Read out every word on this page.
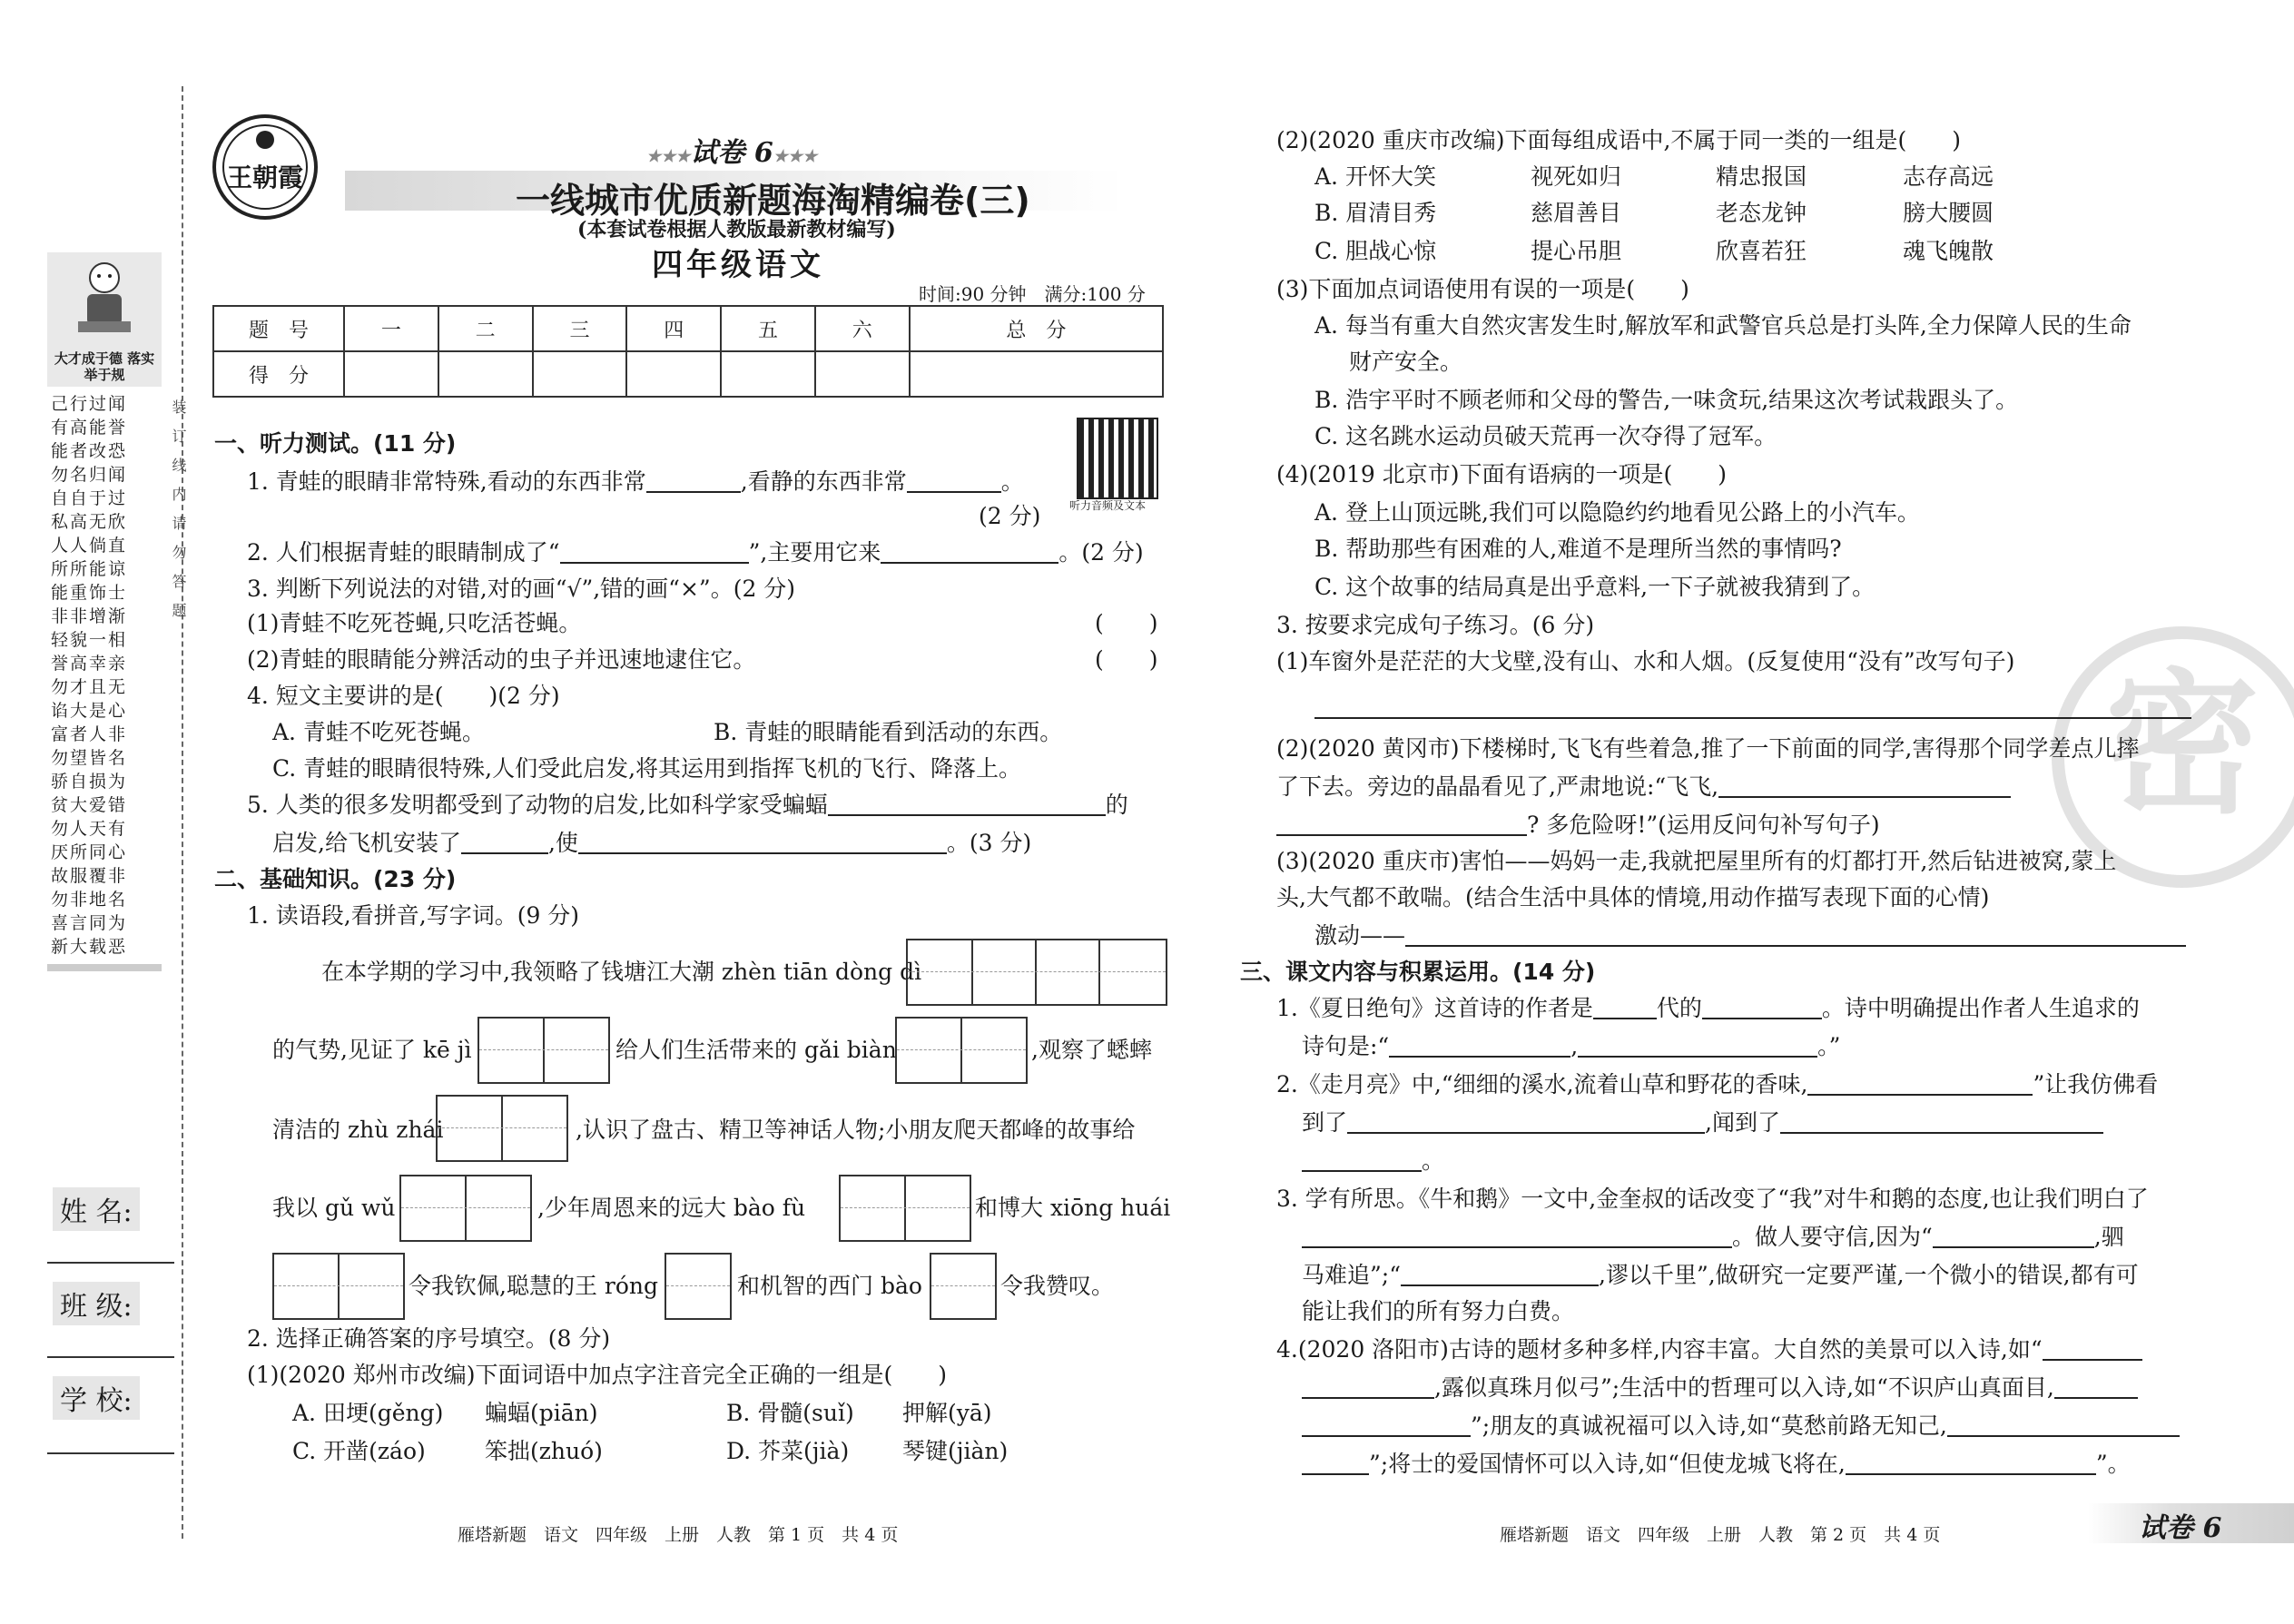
装　订　线　内　请　勿　答　题
大才成于德 落实举于规
己行过闻
有高能誉
能者改恐
勿名归闻
自自于过
私高无欣
人人倘直
所所能谅
能重饰士
非非增渐
轻貌一相
誉高幸亲
勿才且无
谄大是心
富者人非
勿望皆名
骄自损为
贫大爱错
勿人天有
厌所同心
故服覆非
勿非地名
喜言同为
新大载恶
姓 名:
班 级:
学 校:
王朝霞
★★★试卷 6★★★
一线城市优质新题海淘精编卷(三)
(本套试卷根据人教版最新教材编写)
四年级语文
时间:90 分钟　满分:100 分
题　号	一	二	三	四	五	六	总　分
得　分							
一、听力测试。(11 分)
听力音频及文本
1. 青蛙的眼睛非常特殊,看动的东西非常	,看静的东西非常	。
(2 分)
2. 人们根据青蛙的眼睛制成了“	”,主要用它来	。(2 分)
3. 判断下列说法的对错,对的画“√”,错的画“×”。(2 分)
(1)青蛙不吃死苍蝇,只吃活苍蝇。	(　　)
(2)青蛙的眼睛能分辨活动的虫子并迅速地逮住它。	(　　)
4. 短文主要讲的是(　　)(2 分)
A. 青蛙不吃死苍蝇。	B. 青蛙的眼睛能看到活动的东西。
C. 青蛙的眼睛很特殊,人们受此启发,将其运用到指挥飞机的飞行、降落上。
5. 人类的很多发明都受到了动物的启发,比如科学家受蝙蝠	的
启发,给飞机安装了	,使	。(3 分)
二、基础知识。(23 分)
1. 读语段,看拼音,写字词。(9 分)
在本学期的学习中,我领略了钱塘江大潮 zhèn tiān dòng dì
的气势,见证了 kē jì	给人们生活带来的 gǎi biàn	,观察了蟋蟀
清洁的 zhù zhái	,认识了盘古、精卫等神话人物;小朋友爬天都峰的故事给
我以 gǔ wǔ	,少年周恩来的远大 bào fù	和博大 xiōng huái
令我钦佩,聪慧的王 róng	和机智的西门 bào	令我赞叹。
2. 选择正确答案的序号填空。(8 分)
(1)(2020 郑州市改编)下面词语中加点字注音完全正确的一组是(　　)
A. 田埂(gěng) 蝙蝠(piān)	B. 骨髓(suǐ) 押解(yā)
C. 开凿(záo)	笨拙(zhuó)	D. 芥菜(jià) 琴键(jiàn)
雁塔新题　语文　四年级　上册　人教　第 1 页　共 4 页
密
(2)(2020 重庆市改编)下面每组成语中,不属于同一类的一组是(　　)
A. 开怀大笑	视死如归	精忠报国	志存高远
B. 眉清目秀	慈眉善目	老态龙钟	膀大腰圆
C. 胆战心惊	提心吊胆	欣喜若狂	魂飞魄散
(3)下面加点词语使用有误的一项是(　　)
A. 每当有重大自然灾害发生时,解放军和武警官兵总是打头阵,全力保障人民的生命
财产安全。
B. 浩宇平时不顾老师和父母的警告,一味贪玩,结果这次考试栽跟头了。
C. 这名跳水运动员破天荒再一次夺得了冠军。
(4)(2019 北京市)下面有语病的一项是(　　)
A. 登上山顶远眺,我们可以隐隐约约地看见公路上的小汽车。
B. 帮助那些有困难的人,难道不是理所当然的事情吗?
C. 这个故事的结局真是出乎意料,一下子就被我猜到了。
3. 按要求完成句子练习。(6 分)
(1)车窗外是茫茫的大戈壁,没有山、水和人烟。(反复使用“没有”改写句子)
(2)(2020 黄冈市)下楼梯时,飞飞有些着急,推了一下前面的同学,害得那个同学差点儿摔
了下去。旁边的晶晶看见了,严肃地说:“飞飞,
? 多危险呀!”(运用反问句补写句子)
(3)(2020 重庆市)害怕——妈妈一走,我就把屋里所有的灯都打开,然后钻进被窝,蒙上
头,大气都不敢喘。(结合生活中具体的情境,用动作描写表现下面的心情)
激动——
三、课文内容与积累运用。(14 分)
1.《夏日绝句》这首诗的作者是	代的	。诗中明确提出作者人生追求的
诗句是:“	,	。”
2.《走月亮》中,“细细的溪水,流着山草和野花的香味,	”让我仿佛看
到了	,闻到了
。
3. 学有所思。《牛和鹅》一文中,金奎叔的话改变了“我”对牛和鹅的态度,也让我们明白了
。做人要守信,因为“	,驷
马难追”;“	,谬以千里”,做研究一定要严谨,一个微小的错误,都有可
能让我们的所有努力白费。
4.(2020 洛阳市)古诗的题材多种多样,内容丰富。大自然的美景可以入诗,如“
,露似真珠月似弓”;生活中的哲理可以入诗,如“不识庐山真面目,
”;朋友的真诚祝福可以入诗,如“莫愁前路无知己,
”;将士的爱国情怀可以入诗,如“但使龙城飞将在,	”。
雁塔新题　语文　四年级　上册　人教　第 2 页　共 4 页	试卷 6
